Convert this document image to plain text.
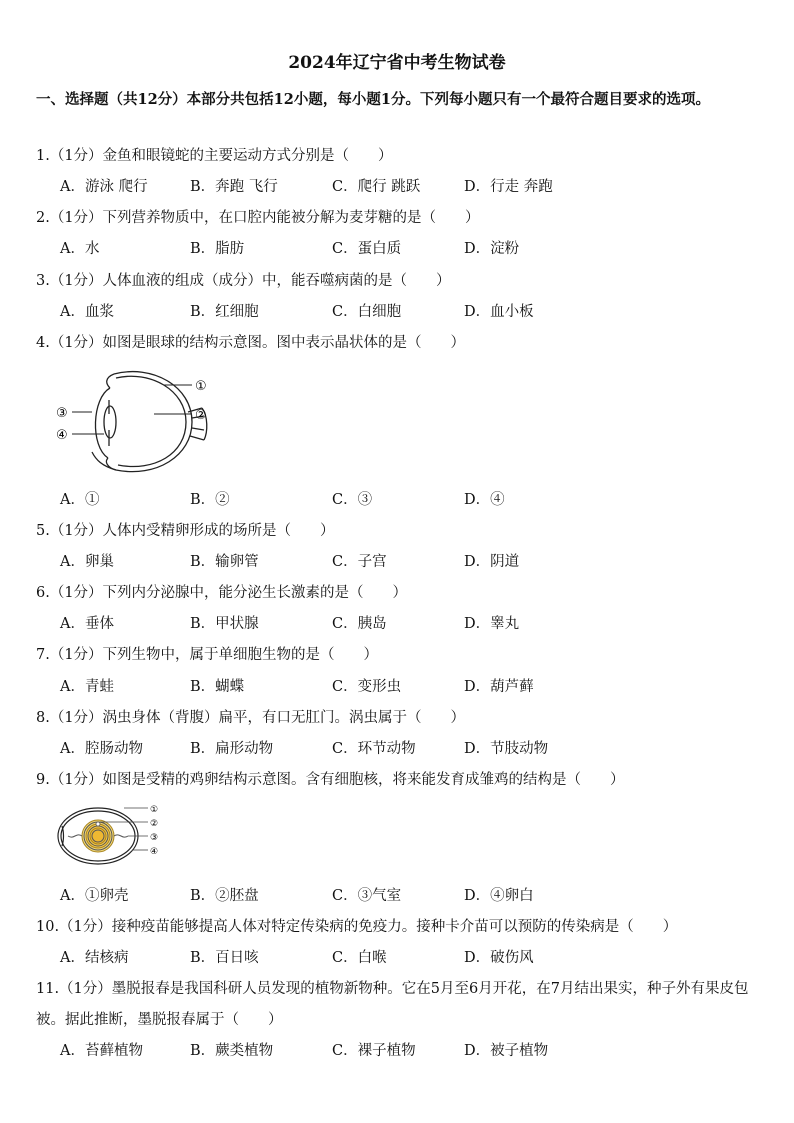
2024年辽宁省中考生物试卷

一、选择题（共12分）本部分共包括12小题，每小题1分。下列每小题只有一个最符合题目要求的选项。

1.（1分）金鱼和眼镜蛇的主要运动方式分别是（　　）
A．游泳 爬行	B．奔跑 飞行	C．爬行 跳跃	D．行走 奔跑
2.（1分）下列营养物质中，在口腔内能被分解为麦芽糖的是（　　）
A．水	B．脂肪	C．蛋白质	D．淀粉
3.（1分）人体血液的组成（成分）中，能吞噬病菌的是（　　）
A．血浆	B．红细胞	C．白细胞	D．血小板
4.（1分）如图是眼球的结构示意图。图中表示晶状体的是（　　）
①
②
③
④
A．①	B．②	C．③	D．④
5.（1分）人体内受精卵形成的场所是（　　）
A．卵巢	B．输卵管	C．子宫	D．阴道
6.（1分）下列内分泌腺中，能分泌生长激素的是（　　）
A．垂体	B．甲状腺	C．胰岛	D．睾丸
7.（1分）下列生物中，属于单细胞生物的是（　　）
A．青蛙	B．蝴蝶	C．变形虫	D．葫芦藓
8.（1分）涡虫身体（背腹）扁平，有口无肛门。涡虫属于（　　）
A．腔肠动物	B．扁形动物	C．环节动物	D．节肢动物
9.（1分）如图是受精的鸡卵结构示意图。含有细胞核，将来能发育成雏鸡的结构是（　　）
①
②
③
④
A．①卵壳	B．②胚盘	C．③气室	D．④卵白
10.（1分）接种疫苗能够提高人体对特定传染病的免疫力。接种卡介苗可以预防的传染病是（　　）
A．结核病	B．百日咳	C．白喉	D．破伤风
11.（1分）墨脱报春是我国科研人员发现的植物新物种。它在5月至6月开花，在7月结出果实，种子外有果皮包被。据此推断，墨脱报春属于（　　）
A．苔藓植物	B．蕨类植物	C．裸子植物	D．被子植物
